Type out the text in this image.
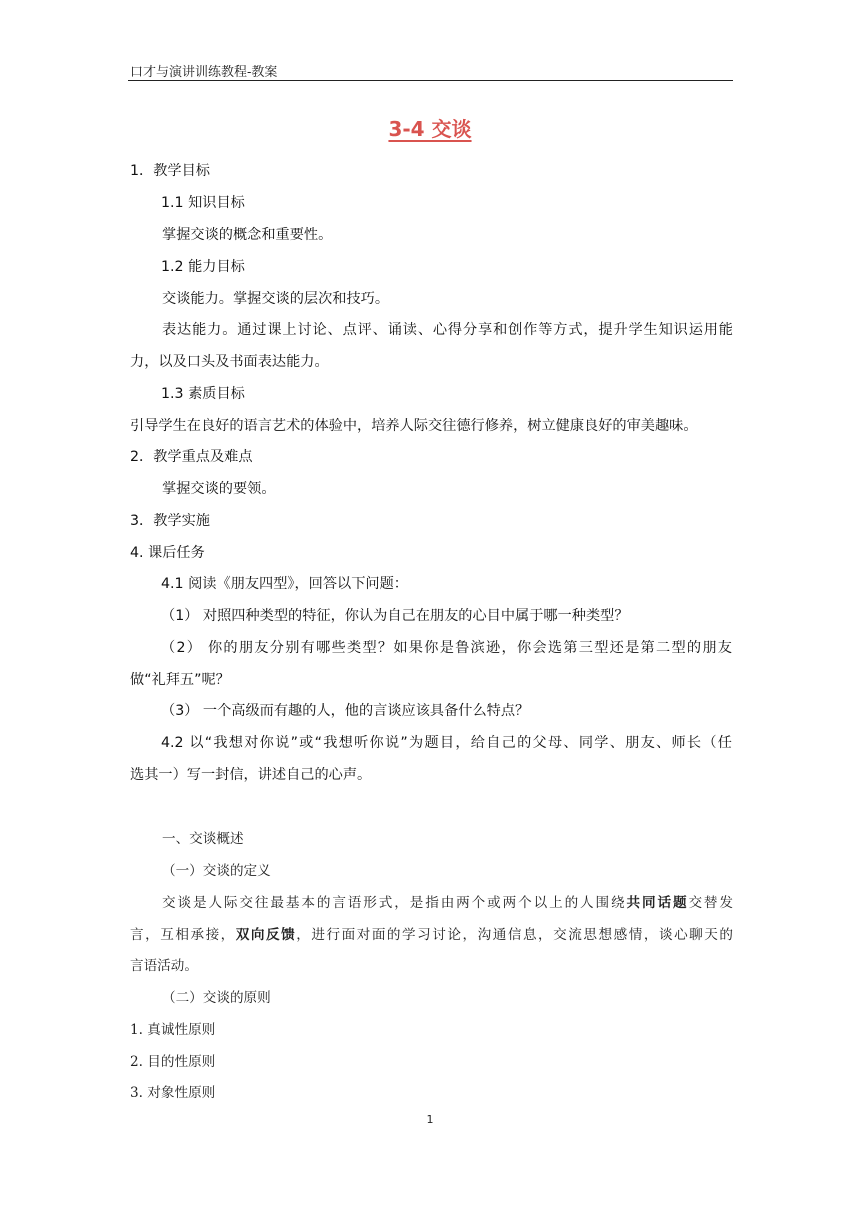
口才与演讲训练教程-教案
3-4 交谈
1．教学目标
1.1 知识目标
掌握交谈的概念和重要性。
1.2 能力目标
交谈能力。掌握交谈的层次和技巧。
表达能力。通过课上讨论、点评、诵读、心得分享和创作等方式，提升学生知识运用能
力，以及口头及书面表达能力。
1.3 素质目标
引导学生在良好的语言艺术的体验中，培养人际交往德行修养，树立健康良好的审美趣味。
2．教学重点及难点
掌握交谈的要领。
3．教学实施
4. 课后任务
4.1 阅读《朋友四型》，回答以下问题：
（1） 对照四种类型的特征，你认为自己在朋友的心目中属于哪一种类型？
（2） 你的朋友分别有哪些类型？如果你是鲁滨逊，你会选第三型还是第二型的朋友
做“礼拜五”呢？
（3） 一个高级而有趣的人，他的言谈应该具备什么特点？
4.2 以“我想对你说”或“我想听你说”为题目，给自己的父母、同学、朋友、师长（任
选其一）写一封信，讲述自己的心声。
一、交谈概述
（一）交谈的定义
交谈是人际交往最基本的言语形式，是指由两个或两个以上的人围绕共同话题交替发
言，互相承接，双向反馈，进行面对面的学习讨论，沟通信息，交流思想感情，谈心聊天的
言语活动。
（二）交谈的原则
1. 真诚性原则
2. 目的性原则
3. 对象性原则
1
